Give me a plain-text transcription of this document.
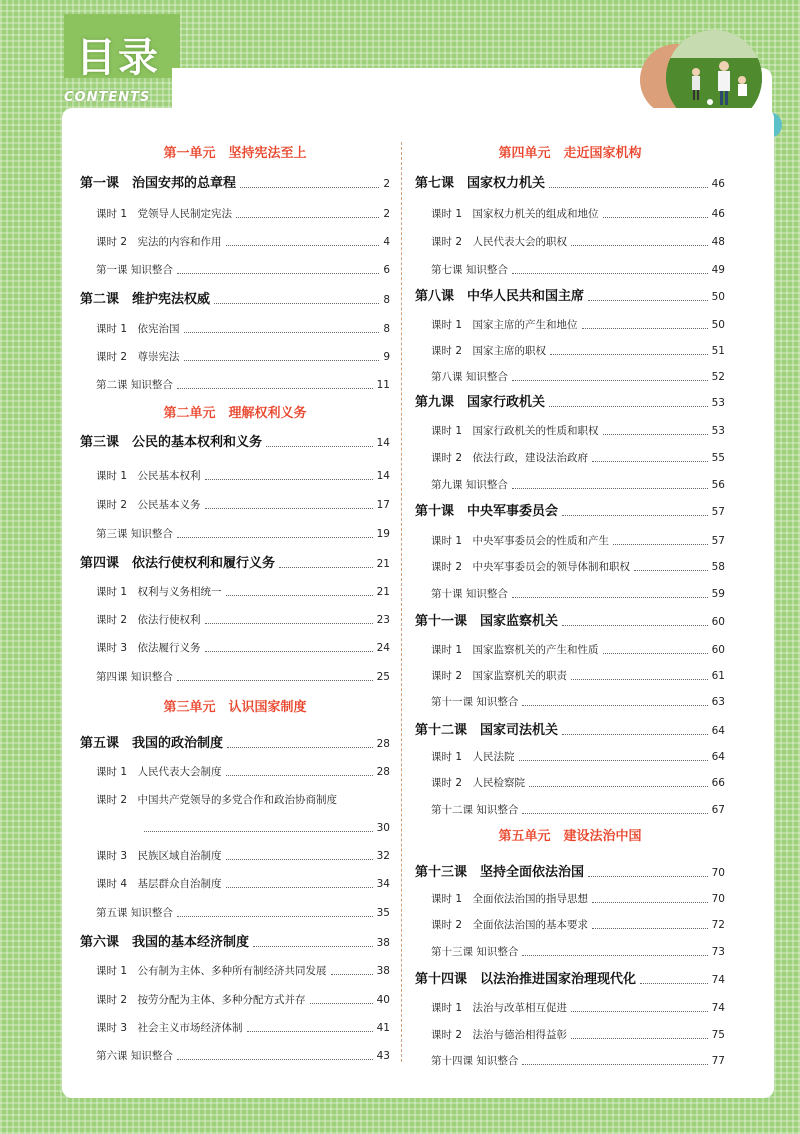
目录
CONTENTS
第一单元　坚持宪法至上
第一课　治国安邦的总章程	2
课时 1　党领导人民制定宪法	2
课时 2　宪法的内容和作用	4
第一课 知识整合	6
第二课　维护宪法权威	8
课时 1　依宪治国	8
课时 2　尊崇宪法	9
第二课 知识整合	11
第二单元　理解权利义务
第三课　公民的基本权利和义务	14
课时 1　公民基本权利	14
课时 2　公民基本义务	17
第三课 知识整合	19
第四课　依法行使权利和履行义务	21
课时 1　权利与义务相统一	21
课时 2　依法行使权利	23
课时 3　依法履行义务	24
第四课 知识整合	25
第三单元　认识国家制度
第五课　我国的政治制度	28
课时 1　人民代表大会制度	28
课时 2　中国共产党领导的多党合作和政治协商制度
30
课时 3　民族区域自治制度	32
课时 4　基层群众自治制度	34
第五课 知识整合	35
第六课　我国的基本经济制度	38
课时 1　公有制为主体、多种所有制经济共同发展	38
课时 2　按劳分配为主体、多种分配方式并存	40
课时 3　社会主义市场经济体制	41
第六课 知识整合	43
第四单元　走近国家机构
第七课　国家权力机关	46
课时 1　国家权力机关的组成和地位	46
课时 2　人民代表大会的职权	48
第七课 知识整合	49
第八课　中华人民共和国主席	50
课时 1　国家主席的产生和地位	50
课时 2　国家主席的职权	51
第八课 知识整合	52
第九课　国家行政机关	53
课时 1　国家行政机关的性质和职权	53
课时 2　依法行政，建设法治政府	55
第九课 知识整合	56
第十课　中央军事委员会	57
课时 1　中央军事委员会的性质和产生	57
课时 2　中央军事委员会的领导体制和职权	58
第十课 知识整合	59
第十一课　国家监察机关	60
课时 1　国家监察机关的产生和性质	60
课时 2　国家监察机关的职责	61
第十一课 知识整合	63
第十二课　国家司法机关	64
课时 1　人民法院	64
课时 2　人民检察院	66
第十二课 知识整合	67
第五单元　建设法治中国
第十三课　坚持全面依法治国	70
课时 1　全面依法治国的指导思想	70
课时 2　全面依法治国的基本要求	72
第十三课 知识整合	73
第十四课　以法治推进国家治理现代化	74
课时 1　法治与改革相互促进	74
课时 2　法治与德治相得益彰	75
第十四课 知识整合	77
